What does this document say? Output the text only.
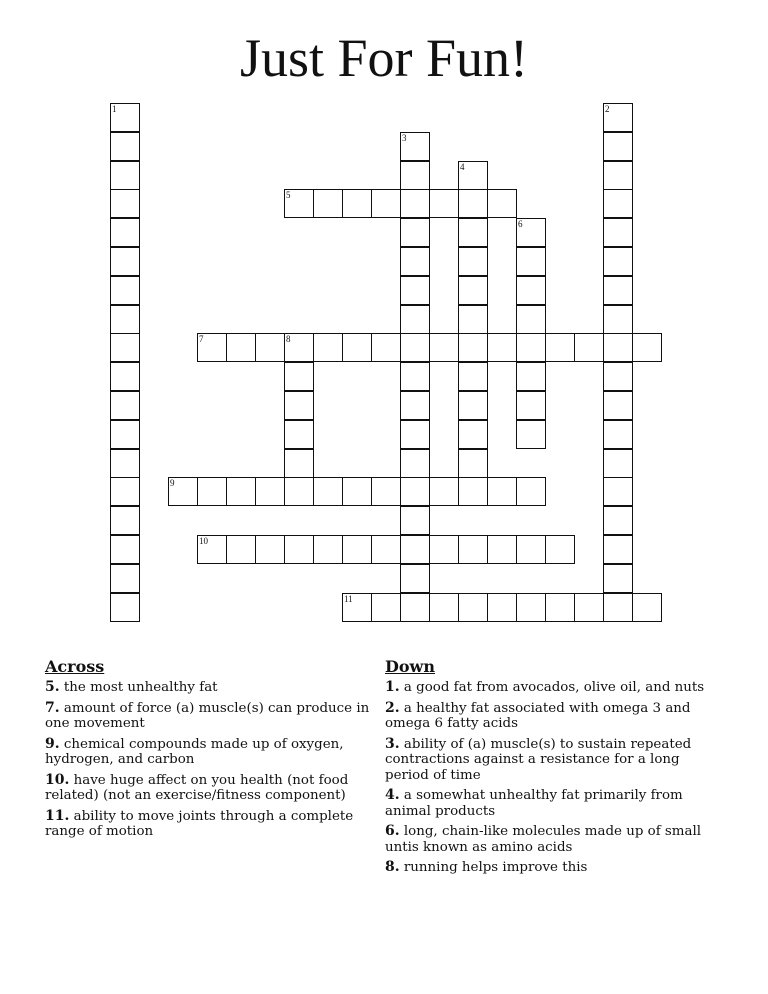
Just For Fun!
1	2
3
4
5
6
7	8
9
10
11
Across
5. the most unhealthy fat
7. amount of force (a) muscle(s) can produce in one movement
9. chemical compounds made up of oxygen, hydrogen, and carbon
10. have huge affect on you health (not food related) (not an exercise/fitness component)
11. ability to move joints through a complete range of motion
Down
1. a good fat from avocados, olive oil, and nuts
2. a healthy fat associated with omega 3 and omega 6 fatty acids
3. ability of (a) muscle(s) to sustain repeated contractions against a resistance for a long period of time
4. a somewhat unhealthy fat primarily from animal products
6. long, chain-like molecules made up of small untis known as amino acids
8. running helps improve this
